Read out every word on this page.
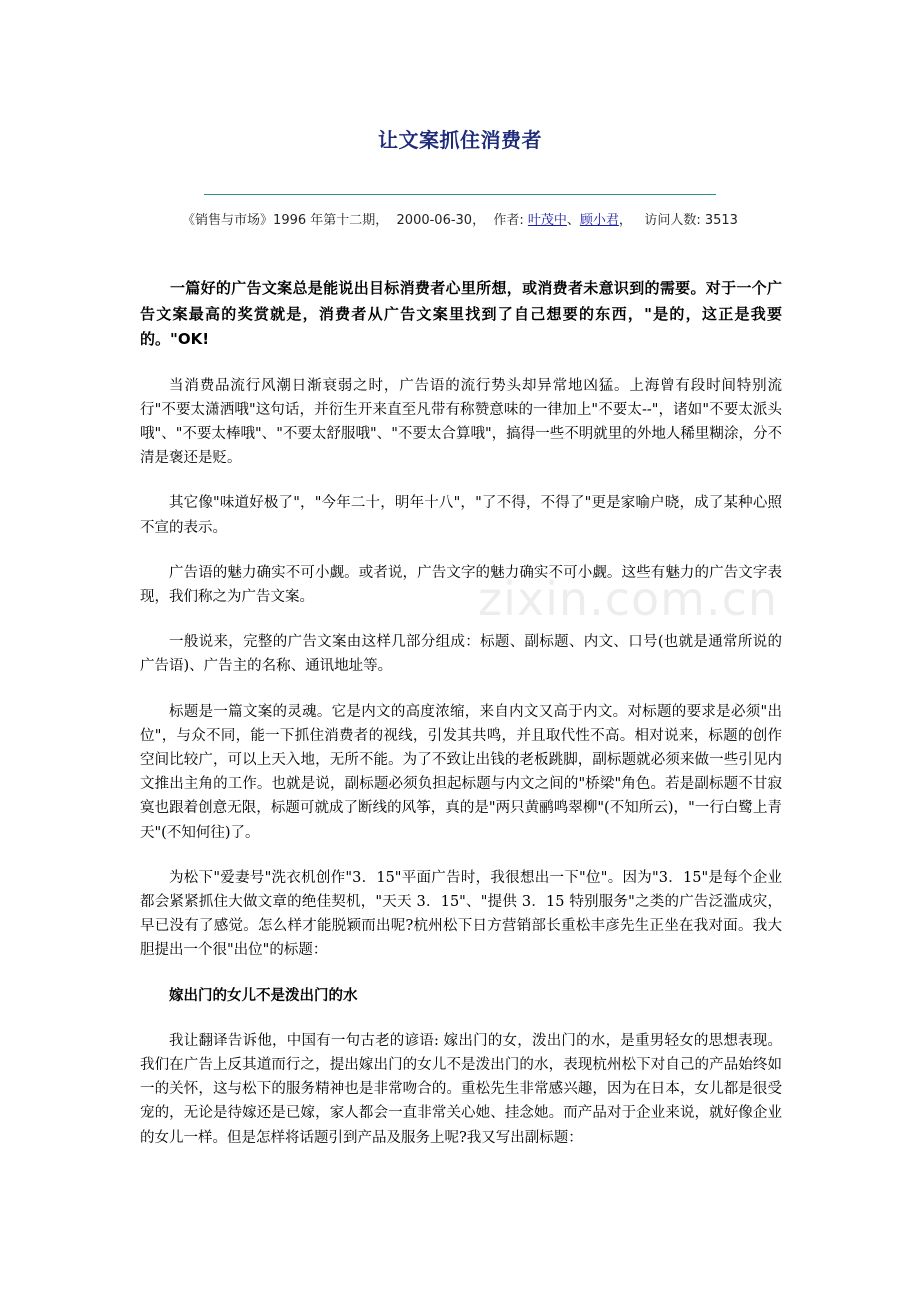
让文案抓住消费者
《销售与市场》1996 年第十二期， 2000-06-30， 作者: 叶茂中、顾小君， 访问人数: 3513

一篇好的广告文案总是能说出目标消费者心里所想，或消费者未意识到的需要。对于一个广告文案最高的奖赏就是，消费者从广告文案里找到了自己想要的东西，"是的，这正是我要的。"OK!

当消费品流行风潮日渐衰弱之时，广告语的流行势头却异常地凶猛。上海曾有段时间特别流行"不要太潇洒哦"这句话，并衍生开来直至凡带有称赞意味的一律加上"不要太--"，诸如"不要太派头哦"、"不要太棒哦"、"不要太舒服哦"、"不要太合算哦"，搞得一些不明就里的外地人稀里糊涂，分不清是褒还是贬。

其它像"味道好极了"，"今年二十，明年十八"，"了不得，不得了"更是家喻户晓，成了某种心照不宣的表示。

广告语的魅力确实不可小觑。或者说，广告文字的魅力确实不可小觑。这些有魅力的广告文字表现，我们称之为广告文案。

一般说来，完整的广告文案由这样几部分组成：标题、副标题、内文、口号(也就是通常所说的广告语)、广告主的名称、通讯地址等。

标题是一篇文案的灵魂。它是内文的高度浓缩，来自内文又高于内文。对标题的要求是必须"出位"，与众不同，能一下抓住消费者的视线，引发其共鸣，并且取代性不高。相对说来，标题的创作空间比较广，可以上天入地，无所不能。为了不致让出钱的老板跳脚，副标题就必须来做一些引见内文推出主角的工作。也就是说，副标题必须负担起标题与内文之间的"桥梁"角色。若是副标题不甘寂寞也跟着创意无限，标题可就成了断线的风筝，真的是"两只黄鹂鸣翠柳"(不知所云)，"一行白鹭上青天"(不知何往)了。

为松下"爱妻号"洗衣机创作"3．15"平面广告时，我很想出一下"位"。因为"3．15"是每个企业都会紧紧抓住大做文章的绝佳契机，"天天 3．15"、"提供 3．15 特别服务"之类的广告泛滥成灾，早已没有了感觉。怎么样才能脱颖而出呢?杭州松下日方营销部长重松丰彦先生正坐在我对面。我大胆提出一个很"出位"的标题：

嫁出门的女儿不是泼出门的水

我让翻译告诉他，中国有一句古老的谚语: 嫁出门的女，泼出门的水，是重男轻女的思想表现。我们在广告上反其道而行之，提出嫁出门的女儿不是泼出门的水，表现杭州松下对自己的产品始终如一的关怀，这与松下的服务精神也是非常吻合的。重松先生非常感兴趣，因为在日本，女儿都是很受宠的，无论是待嫁还是已嫁，家人都会一直非常关心她、挂念她。而产品对于企业来说，就好像企业的女儿一样。但是怎样将话题引到产品及服务上呢?我又写出副标题：

zixin.com.cn
